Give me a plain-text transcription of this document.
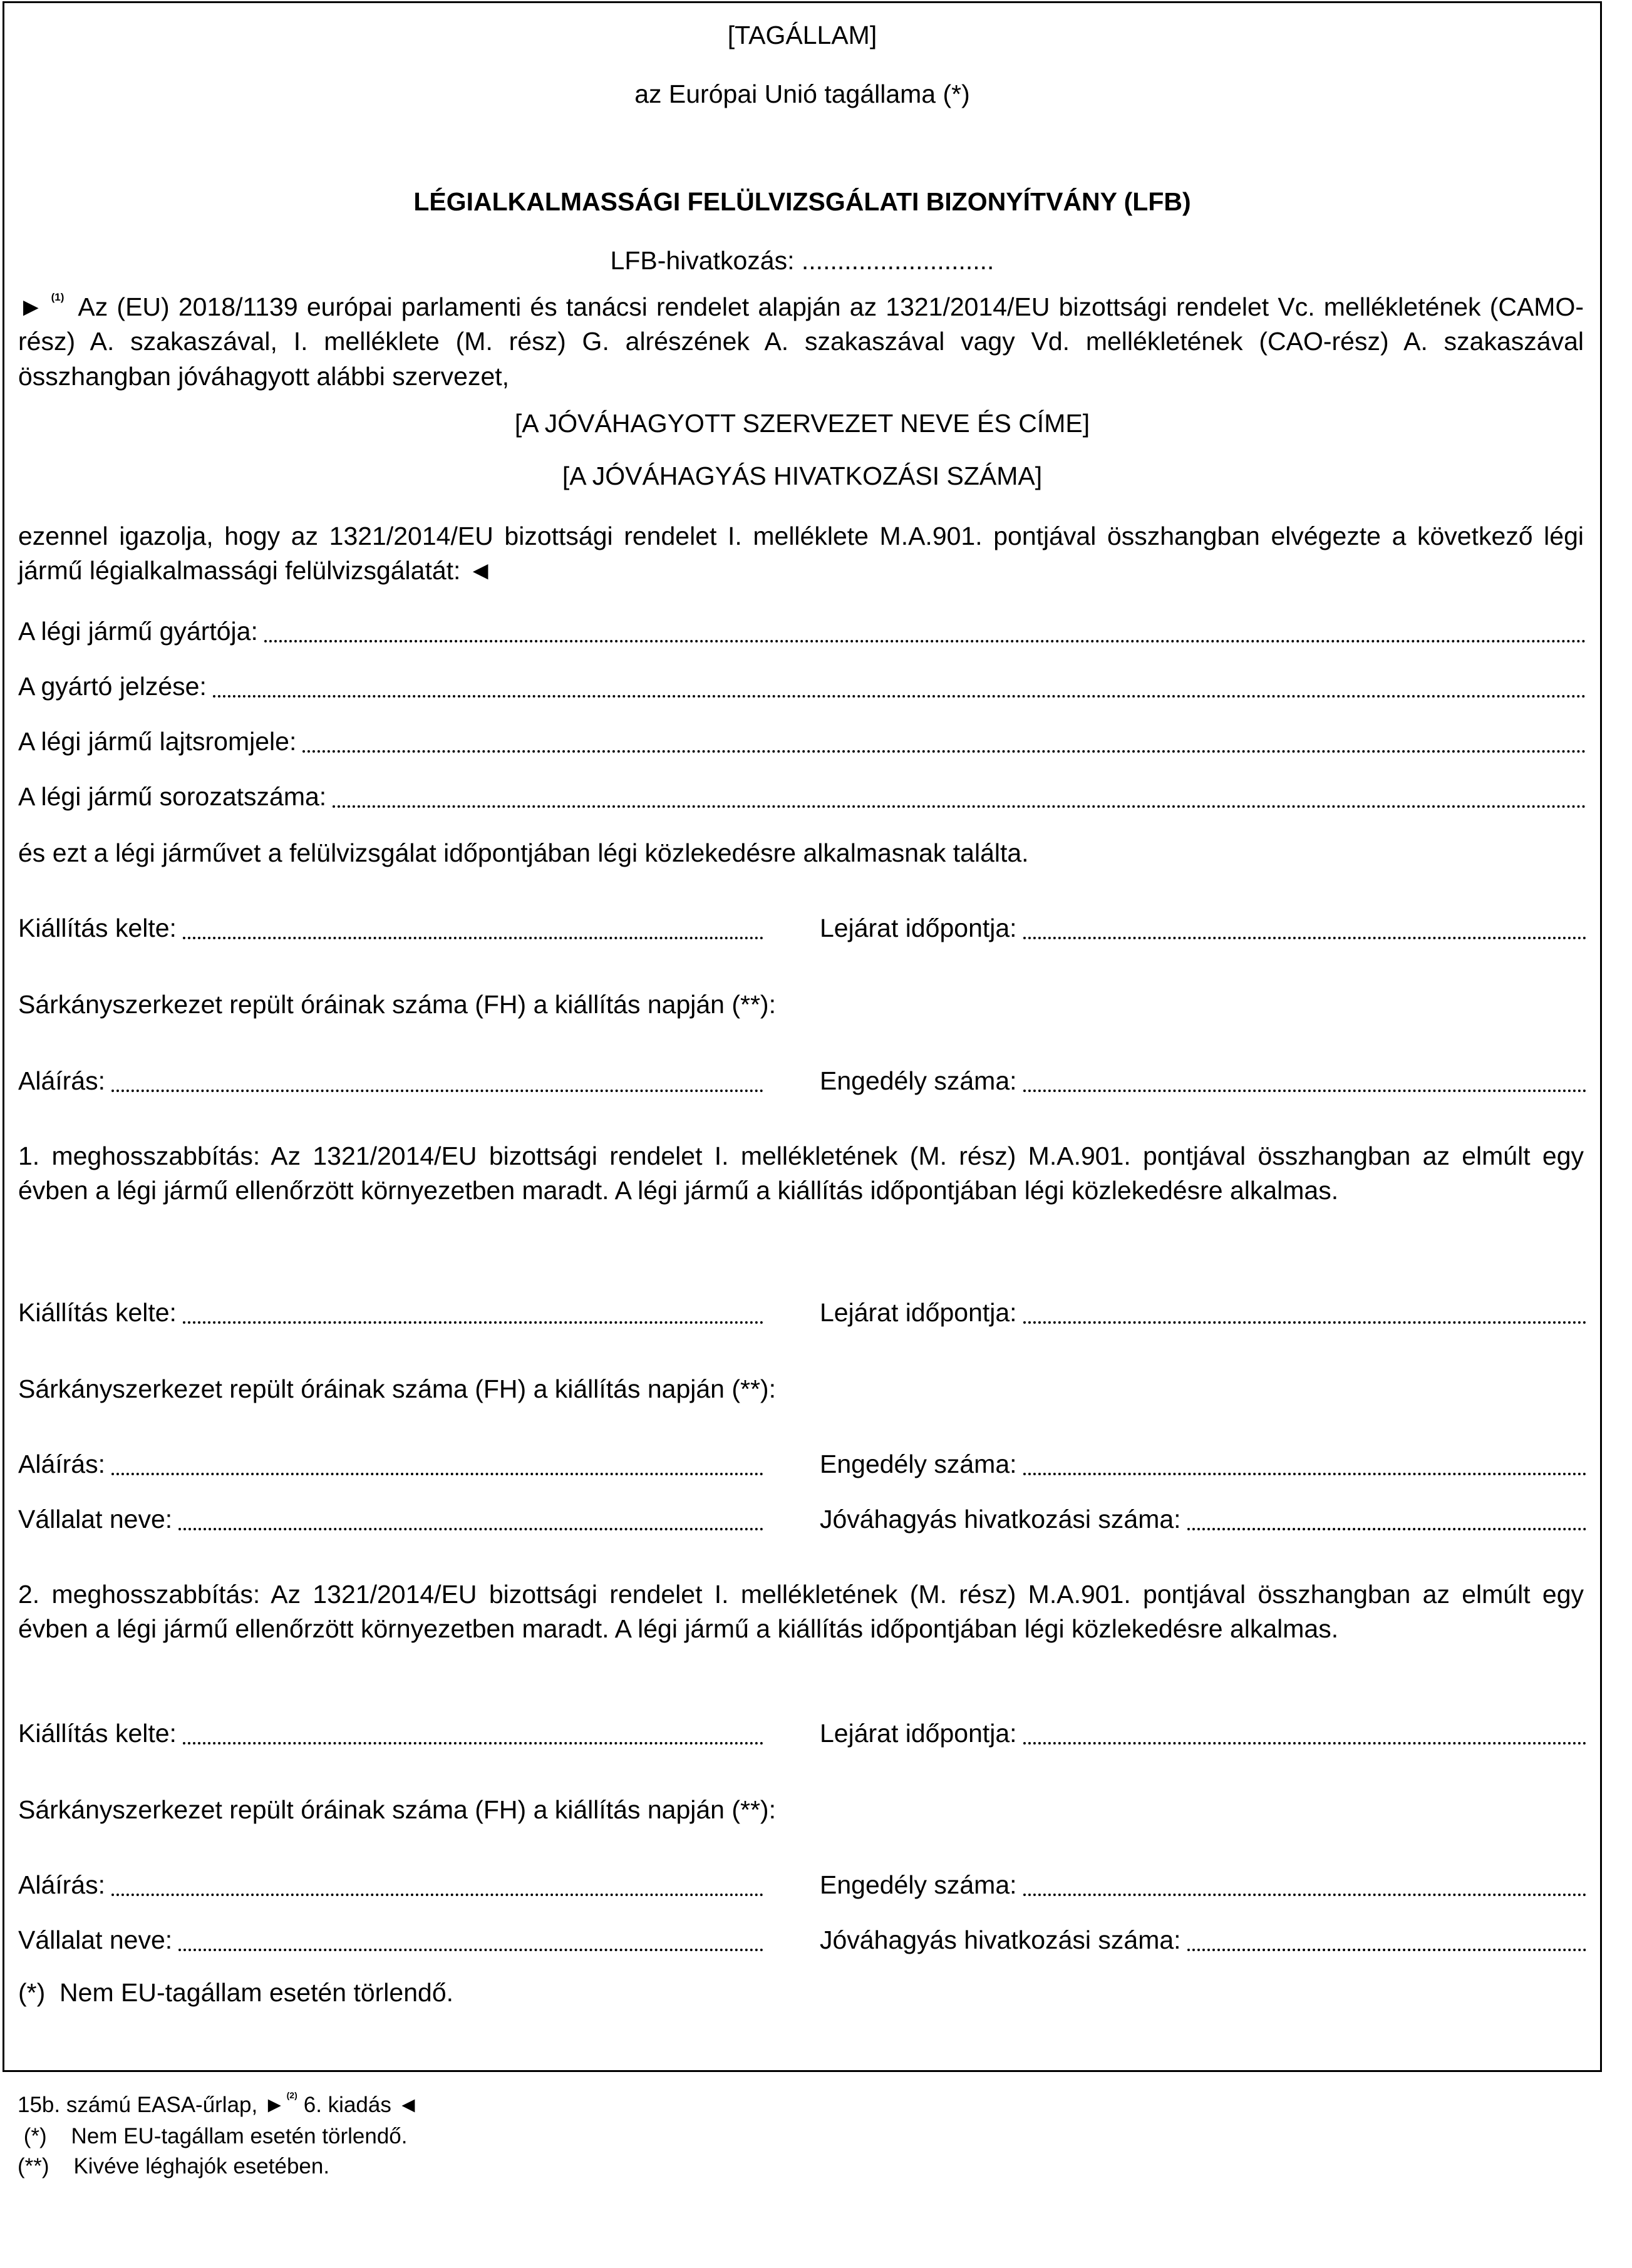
[TAGÁLLAM]
az Európai Unió tagállama (*)
LÉGIALKALMASSÁGI FELÜLVIZSGÁLATI BIZONYÍTVÁNY (LFB)
LFB-hivatkozás: ...........................
► $^{(1)}$ Az (EU) 2018/1139 európai parlamenti és tanácsi rendelet alapján az 1321/2014/EU bizottsági rendelet Vc. mellékletének (CAMO-rész) A. szakaszával, I. melléklete (M. rész) G. alrészének A. szakaszával vagy Vd. mellékletének (CAO-rész) A. szakaszával összhangban jóváhagyott alábbi szervezet,
[A JÓVÁHAGYOTT SZERVEZET NEVE ÉS CÍME]
[A JÓVÁHAGYÁS HIVATKOZÁSI SZÁMA]
ezennel igazolja, hogy az 1321/2014/EU bizottsági rendelet I. melléklete M.A.901. pontjával összhangban elvégezte a következő légi jármű légialkalmassági felülvizsgálatát: ◄
A légi jármű gyártója:
A gyártó jelzése:
A légi jármű lajtsromjele:
A légi jármű sorozatszáma:
és ezt a légi járművet a felülvizsgálat időpontjában légi közlekedésre alkalmasnak találta.
Kiállítás kelte:	Lejárat időpontja:
Sárkányszerkezet repült óráinak száma (FH) a kiállítás napján (**):
Aláírás:	Engedély száma:
1. meghosszabbítás: Az 1321/2014/EU bizottsági rendelet I. mellékletének (M. rész) M.A.901. pontjával összhangban az elmúlt egy évben a légi jármű ellenőrzött környezetben maradt. A légi jármű a kiállítás időpontjában légi közlekedésre alkalmas.
Kiállítás kelte:	Lejárat időpontja:
Sárkányszerkezet repült óráinak száma (FH) a kiállítás napján (**):
Aláírás:	Engedély száma:
Vállalat neve:	Jóváhagyás hivatkozási száma:
2. meghosszabbítás: Az 1321/2014/EU bizottsági rendelet I. mellékletének (M. rész) M.A.901. pontjával összhangban az elmúlt egy évben a légi jármű ellenőrzött környezetben maradt. A légi jármű a kiállítás időpontjában légi közlekedésre alkalmas.
Kiállítás kelte:	Lejárat időpontja:
Sárkányszerkezet repült óráinak száma (FH) a kiállítás napján (**):
Aláírás:	Engedély száma:
Vállalat neve:	Jóváhagyás hivatkozási száma:
(*)  Nem EU-tagállam esetén törlendő.
15b. számú EASA-űrlap, ► $^{(2)}$ 6. kiadás ◄
(*)    Nem EU-tagállam esetén törlendő.
(**)    Kivéve léghajók esetében.
